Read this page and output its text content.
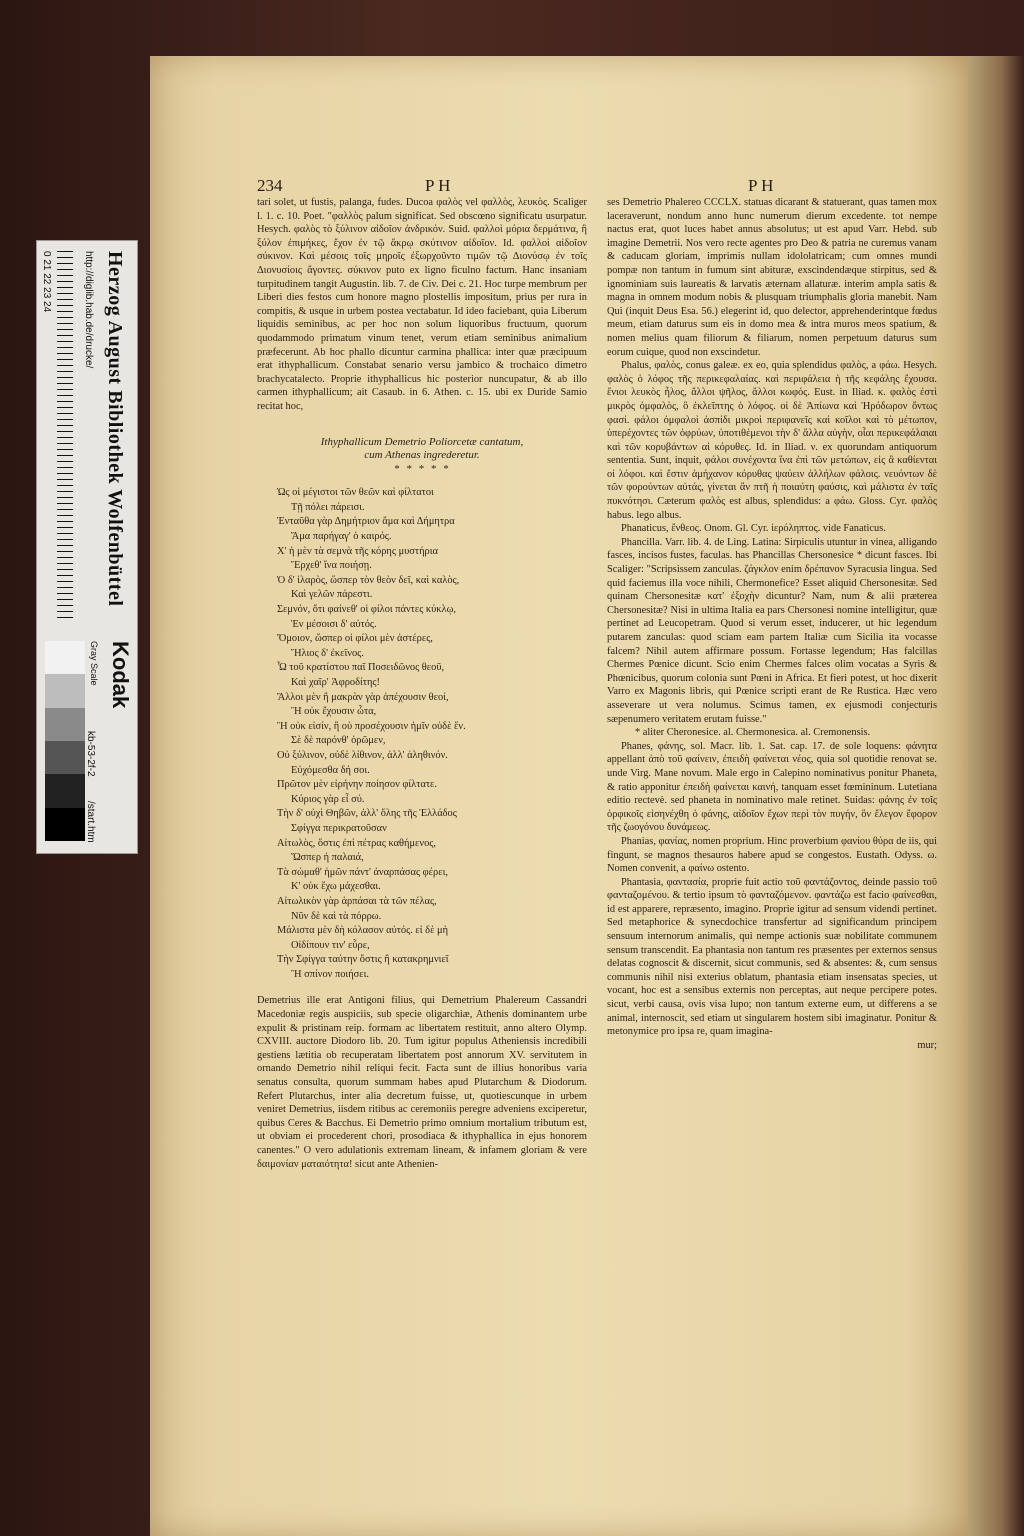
0 21 22 23 24	Herzog August Bibliothek Wolfenbüttel
http://diglib.hab.de/drucke/
Kodak
Gray Scale
kb-53-2f-2
/start.htm
234	P H	P H

tari solet, ut fustis, palanga, fudes. Ducoa φαλὸς vel φαλλὸς, λευκὸς. Scaliger l. 1. c. 10. Poet. "φαλλὸς palum significat. Sed obscœno significatu usurpatur. Hesych. φαλὸς τὸ ξύλινον αἰδοῖον ἀνδρικόν. Suid. φαλλοὶ μόρια δερμάτινα, ἢ ξύλον ἐπιμήκες, ἔχον ἐν τῷ ἄκρῳ σκύτινον αἰδοῖον. Id. φαλλοὶ αἰδοῖον σύκινον. Kαὶ μέσοις τοῖς μηροῖς ἐξωρχοῦντο τιμῶν τῷ Διονύσῳ ἐν τοῖς Διονυσίοις ἄγοντες. σύκινον puto ex ligno ficulno factum. Hanc insaniam turpitudinem tangit Augustin. lib. 7. de Civ. Dei c. 21. Hoc turpe membrum per Liberi dies festos cum honore magno plostellis impositum, prius per rura in compitis, & usque in urbem postea vectabatur. Id ideo faciebant, quia Liberum liquidis seminibus, ac per hoc non solum liquoribus fructuum, quorum quodammodo primatum vinum tenet, verum etiam seminibus animalium præfecerunt. Ab hoc phallo dicuntur carmina phallica: inter quæ præcipuum erat ithyphallicum. Constabat senario versu jambico & trochaico dimetro brachycatalecto. Proprie ithyphallicus hic posterior nuncupatur, & ab illo carmen ithyphallicum; ait Casaub. in 6. Athen. c. 15. ubi ex Duride Samio recitat hoc,

Ithyphallicum Demetrio Poliorcetæ cantatum,
cum Athenas ingrederetur.
* * * * *
Ὡς οἱ μέγιστοι τῶν θεῶν καὶ φίλτατοι
Τῇ πόλει πάρεισι.
Ἐνταῦθα γὰρ Δημήτριον ἅμα καὶ Δήμητρα
Ἅμα παρήγαγ' ὁ καιρός.
Χ' ἡ μὲν τὰ σεμνὰ τῆς κόρης μυστήρια
Ἔρχεθ' ἵνα ποιήσῃ.
Ὁ δ' ἱλαρὸς, ὥσπερ τὸν θεὸν δεῖ, καὶ καλὸς,
Καὶ γελῶν πάρεστι.
Σεμνόν, ὅτι φαίνεθ' οἱ φίλοι πάντες κύκλῳ,
Ἐν μέσοισι δ' αὐτός.
Ὅμοιον, ὥσπερ οἱ φίλοι μὲν ἀστέρες,
Ἥλιος δ' ἐκεῖνος.
Ὦ τοῦ κρατίστου παῖ Ποσειδῶνος θεοῦ,
Καὶ χαῖρ' Ἀφροδίτης!
Ἄλλοι μὲν ἢ μακρὰν γὰρ ἀπέχουσιν θεοί,
Ἢ οὐκ ἔχουσιν ὦτα,
Ἢ οὐκ εἰσίν, ἢ οὐ προσέχουσιν ἡμῖν οὐδὲ ἕν.
Σὲ δὲ παρόνθ' ὁρῶμεν,
Οὐ ξύλινον, οὐδὲ λίθινον, ἀλλ' ἀληθινόν.
Εὐχόμεσθα δή σοι.
Πρῶτον μὲν εἰρήνην ποίησον φίλτατε.
Κύριος γὰρ εἶ σύ.
Τὴν δ' οὐχὶ Θηβῶν, ἀλλ' ὅλης τῆς Ἑλλάδος
Σφίγγα περικρατοῦσαν
Αἰτωλὸς, ὅστις ἐπὶ πέτρας καθήμενος,
Ὥσπερ ἡ παλαιά,
Τὰ σώμαθ' ἡμῶν πάντ' ἀναρπάσας φέρει,
Κ' οὐκ ἔχω μάχεσθαι.
Αἰτωλικὸν γὰρ ἁρπάσαι τὰ τῶν πέλας,
Νῦν δὲ καὶ τὰ πόρρω.
Μάλιστα μὲν δὴ κόλασον αὐτός. εἰ δὲ μὴ
Οἰδίπουν τιν' εὗρε,
Τὴν Σφίγγα ταύτην ὅστις ἢ κατακρημνιεῖ
Ἢ σπίνον ποιήσει.

Demetrius ille erat Antigoni filius, qui Demetrium Phalereum Cassandri Macedoniæ regis auspiciis, sub specie oligarchiæ, Athenis dominantem urbe expulit & pristinam reip. formam ac libertatem restituit, anno altero Olymp. CXVIII. auctore Diodoro lib. 20. Tum igitur populus Atheniensis incredibili gestiens lætitia ob recuperatam libertatem post annorum XV. servitutem in ornando Demetrio nihil reliqui fecit. Facta sunt de illius honoribus varia senatus consulta, quorum summam habes apud Plutarchum & Diodorum. Refert Plutarchus, inter alia decretum fuisse, ut, quotiescunque in urbem veniret Demetrius, iisdem ritibus ac ceremoniis peregre adveniens exciperetur, quibus Ceres & Bacchus. Ei Demetrio primo omnium mortalium tributum est, ut obviam ei procederent chori, prosodiaca & ithyphallica in ejus honorem canentes." O vero adulationis extremam lineam, & infamem gloriam & vere δαιμονίαν ματαιότητα! sicut ante Athenien-

ses Demetrio Phalereo CCCLX. statuas dicarant & statuerant, quas tamen mox laceraverunt, nondum anno hunc numerum dierum excedente. tot nempe nactus erat, quot luces habet annus absolutus; ut est apud Varr. Hebd. sub imagine Demetrii. Nos vero recte agentes pro Deo & patria ne curemus vanam & caducam gloriam, imprimis nullam idololatricam; cum omnes mundi pompæ non tantum in fumum sint abituræ, exscindendæque stirpitus, sed & ignominiam suis laureatis & larvatis æternam allaturæ. interim ampla satis & magna in omnem modum nobis & plusquam triumphalis gloria manebit. Nam Qui (inquit Deus Esa. 56.) elegerint id, quo delector, apprehenderintque fœdus meum, etiam daturus sum eis in domo mea & intra muros meos spatium, & nomen melius quam filiorum & filiarum, nomen perpetuum daturus sum eorum cuique, quod non exscindetur.

Phalus, φαλὸς, conus galeæ. ex eo, quia splendidus φαλὸς, a φάω. Hesych. φαλὸς ὁ λόφος τῆς περικεφαλαίας. καὶ περιφάλεια ἡ τῆς κεφάλης ἔχουσα. ἔνιοι λευκὸς ἦλος, ἄλλοι ψῆλος, ἄλλοι κωφός. Eust. in Iliad. κ. φαλὸς ἐστὶ μικρὸς ὀμφαλὸς, ὃ ἐκλεῖπτης ὁ λόφος. οἱ δὲ Ἀπίωνα καὶ Ἡρόδωρον ὄντως φασί. φάλοι ὀμφαλοὶ ἀσπίδι μικροὶ περιφανεῖς καὶ κοῖλοι καὶ τὸ μέτωπον, ὑπερέχοντες τῶν ὀφρύων, ὑποτιθέμενοι τὴν δ' ἄλλα αὐγὴν, οἷαι περικεφάλαιαι καὶ τῶν κορυβάντων αἱ κόρυθες. Id. in Iliad. ν. ex quorundam antiquorum sententia. Sunt, inquit, φάλοι συνέχοντα ἵνα ἐπὶ τῶν μετώπων, εἰς ἃ καθίενται οἱ λόφοι. καὶ ἔστιν ἀμήχανον κόρυθας ψαύειν ἀλλήλων φάλοις. νευόντων δὲ τῶν φορούντων αὐτάς, γίνεται ἂν πτῆ ἡ ποιαύτη φαύσις, καὶ μάλιστα ἐν ταῖς πυκνότησι. Cæterum φαλὸς est albus, splendidus: a φάω. Gloss. Cyr. φαλὸς habus. lego albus.

Phanaticus, ἔνθεος. Onom. Gl. Cyr. ἱερόληπτος. vide Fanaticus.

Phancilla. Varr. lib. 4. de Ling. Latina: Sirpiculis utuntur in vinea, alligando fasces, incisos fustes, faculas. has Phancillas Chersonesice * dicunt fasces. Ibi Scaliger: "Scripsissem zanculas. ζάγκλον enim δρέπανον Syracusia lingua. Sed quid faciemus illa voce nihili, Chermonefice? Esset aliquid Chersonesitæ. Sed quinam Chersonesitæ κατ' ἐξοχὴν dicuntur? Nam, num & alii præterea Chersonesitæ? Nisi in ultima Italia ea pars Chersonesi nomine intelligitur, quæ pertinet ad Leucopetram. Quod si verum esset, inducerer, ut hic legendum putarem zanculas: quod sciam eam partem Italiæ cum Sicilia ita vocasse falcem? Nihil autem affirmare possum. Fortasse legendum; Has falcillas Chermes Pœnice dicunt. Scio enim Chermes falces olim vocatas a Syris & Phœnicibus, quorum colonia sunt Pœni in Africa. Et fieri potest, ut hoc dixerit Varro ex Magonis libris, qui Pœnice scripti erant de Re Rustica. Hæc vero asseverare ut vera nolumus. Scimus tamen, ex ejusmodi conjecturis sæpenumero veritatem erutam fuisse."

* aliter Cheronesice. al. Chermonesica. al. Cremonensis.

Phanes, φάνης, sol. Macr. lib. 1. Sat. cap. 17. de sole loquens: φάνητα appellant ἀπὸ τοῦ φαίνειν, ἐπειδὴ φαίνεται νέος, quia sol quotidie renovat se. unde Virg. Mane novum. Male ergo in Calepino nominativus ponitur Phaneta, & ratio apponitur ἐπειδὴ φαίνεται καινή, tanquam esset fœmininum. Lutetiana editio rectevè. sed phaneta in nominativo male retinet. Suidas: φάνης ἐν τοῖς ὀρφικοῖς εἰσηνέχθη ὁ φάνης, αἰδοῖον ἔχων περὶ τὸν πυγήν, ὃν ἔλεγον ἔφορον τῆς ζωογόνου δυνάμεως.

Phanias, φανίας, nomen proprium. Hinc proverbium φανίου θύρα de iis, qui fingunt, se magnos thesauros habere apud se congestos. Eustath. Odyss. ω. Nomen convenit, a φαίνω ostento.

Phantasia, φαντασία, proprie fuit actio τοῦ φαντάζοντος, deinde passio τοῦ φανταζομένου. & tertio ipsum τὸ φανταζόμενον. φαντάζω est facio φαίνεσθαι, id est apparere, repræsento, imagino. Proprie igitur ad sensum videndi pertinet. Sed metaphorice & synecdochice transfertur ad significandum principem sensuum internorum animalis, qui nempe actionis suæ nobilitate communem sensum transcendit. Ea phantasia non tantum res præsentes per externos sensus delatas cognoscit & discernit, sicut communis, sed & absentes: &, cum sensus communis nihil nisi exterius oblatum, phantasia etiam insensatas species, ut vocant, hoc est a sensibus externis non perceptas, aut neque percipere potes. sicut, verbi causa, ovis visa lupo; non tantum externe eum, ut differens a se animal, internoscit, sed etiam ut singularem hostem sibi imaginatur. Ponitur & metonymice pro ipsa re, quam imagina-

mur;
